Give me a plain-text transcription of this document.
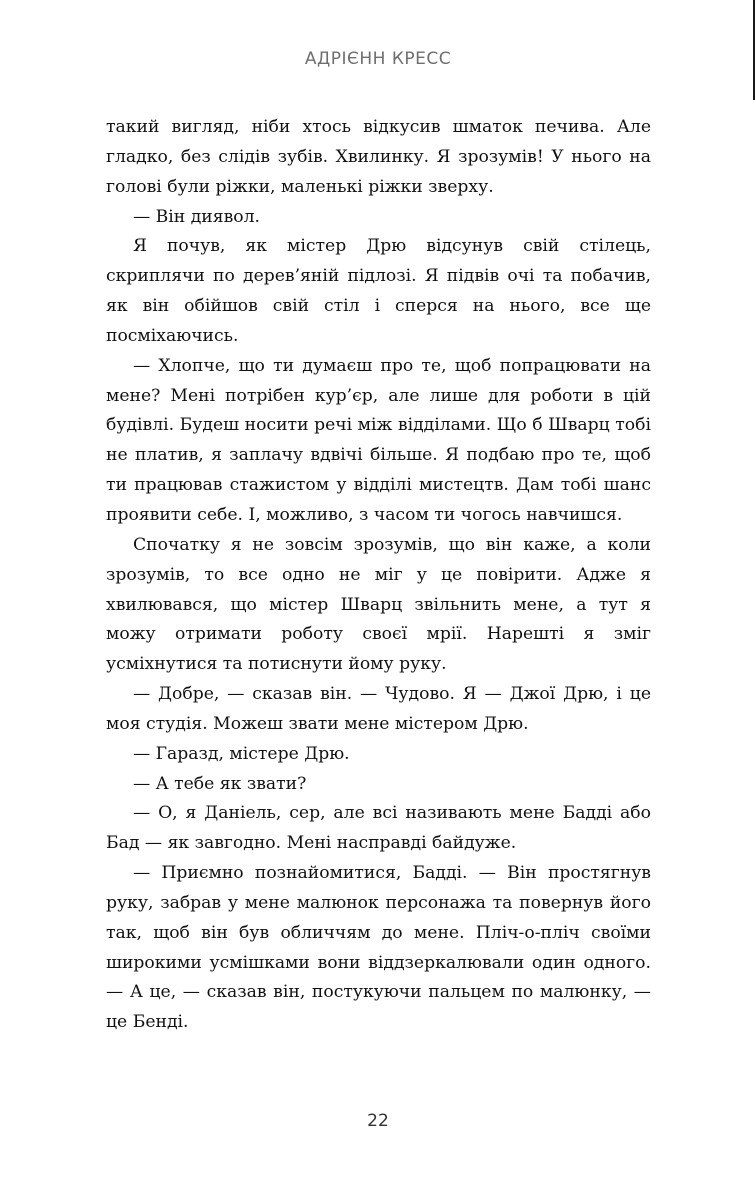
АДРІЄНН КРЕСС

такий вигляд, ніби хтось відкусив шматок печива. Але гладко, без слідів зубів. Хвилинку. Я зрозумів! У нього на голові були ріжки, маленькі ріжки зверху.

— Він диявол.

Я почув, як містер Дрю відсунув свій стілець, скриплячи по дерев’яній підлозі. Я підвів очі та побачив, як він обійшов свій стіл і сперся на нього, все ще посміхаючись.

— Хлопче, що ти думаєш про те, щоб попрацювати на мене? Мені потрібен кур’єр, але лише для роботи в цій будівлі. Будеш носити речі між відділами. Що б Шварц тобі не платив, я заплачу вдвічі більше. Я подбаю про те, щоб ти працював стажистом у відділі мистецтв. Дам тобі шанс проявити себе. І, можливо, з часом ти чогось навчишся.

Спочатку я не зовсім зрозумів, що він каже, а коли зрозумів, то все одно не міг у це повірити. Адже я хвилювався, що містер Шварц звільнить мене, а тут я можу отримати роботу своєї мрії. Нарешті я зміг усміхнутися та потиснути йому руку.

— Добре, — сказав він. — Чудово. Я — Джої Дрю, і це моя студія. Можеш звати мене містером Дрю.

— Гаразд, містере Дрю.

— А тебе як звати?

— О, я Даніель, сер, але всі називають мене Бадді або Бад — як завгодно. Мені насправді байдуже.

— Приємно познайомитися, Бадді. — Він простягнув руку, забрав у мене малюнок персонажа та повернув його так, щоб він був обличчям до мене. Пліч-о-пліч своїми широкими усмішками вони віддзеркалювали один одного. — А це, — сказав він, постукуючи пальцем по малюнку, — це Бенді.

22
